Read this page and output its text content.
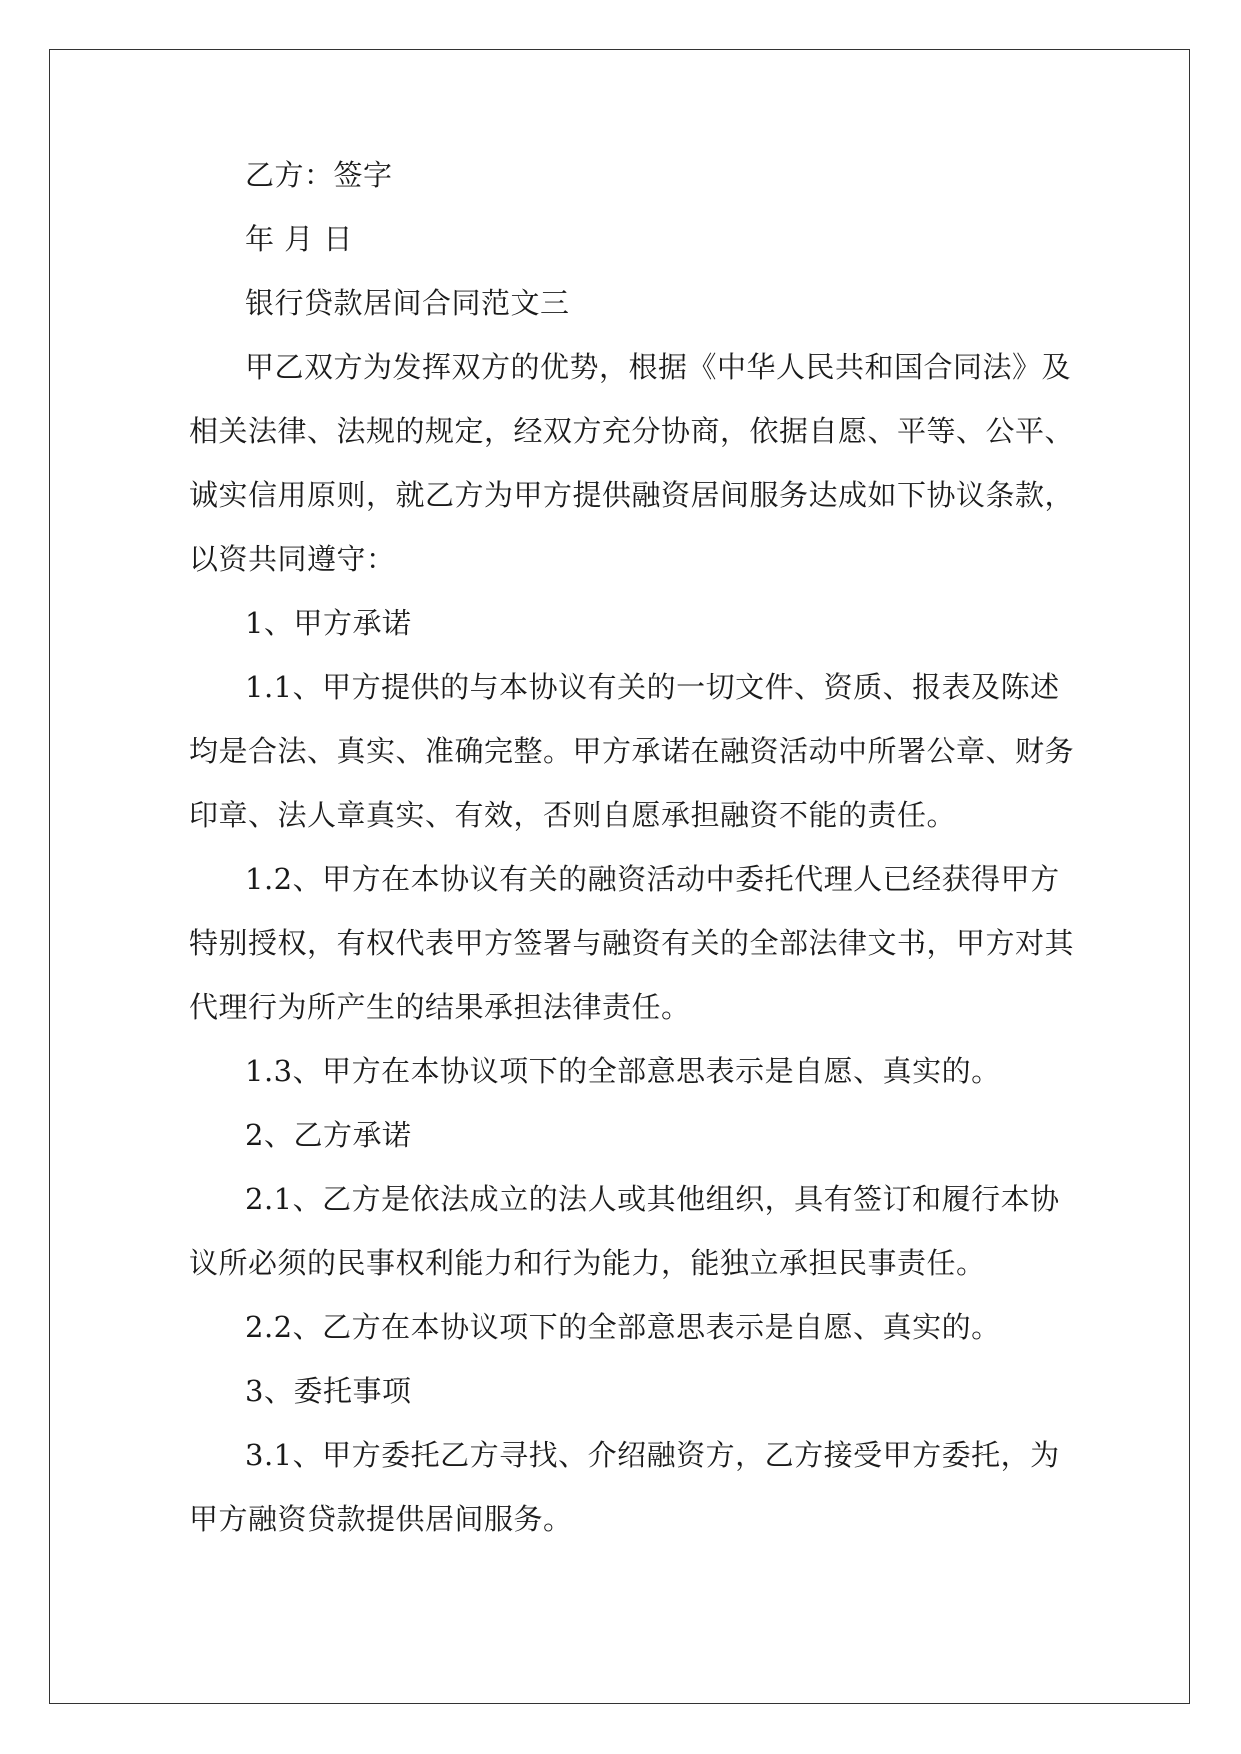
乙方：签字
年 月 日
银行贷款居间合同范文三
甲乙双方为发挥双方的优势，根据《中华人民共和国合同法》及
相关法律、法规的规定，经双方充分协商，依据自愿、平等、公平、
诚实信用原则，就乙方为甲方提供融资居间服务达成如下协议条款，
以资共同遵守：
1、甲方承诺
1.1、甲方提供的与本协议有关的一切文件、资质、报表及陈述
均是合法、真实、准确完整。甲方承诺在融资活动中所署公章、财务
印章、法人章真实、有效，否则自愿承担融资不能的责任。
1.2、甲方在本协议有关的融资活动中委托代理人已经获得甲方
特别授权，有权代表甲方签署与融资有关的全部法律文书，甲方对其
代理行为所产生的结果承担法律责任。
1.3、甲方在本协议项下的全部意思表示是自愿、真实的。
2、乙方承诺
2.1、乙方是依法成立的法人或其他组织，具有签订和履行本协
议所必须的民事权利能力和行为能力，能独立承担民事责任。
2.2、乙方在本协议项下的全部意思表示是自愿、真实的。
3、委托事项
3.1、甲方委托乙方寻找、介绍融资方，乙方接受甲方委托，为
甲方融资贷款提供居间服务。
